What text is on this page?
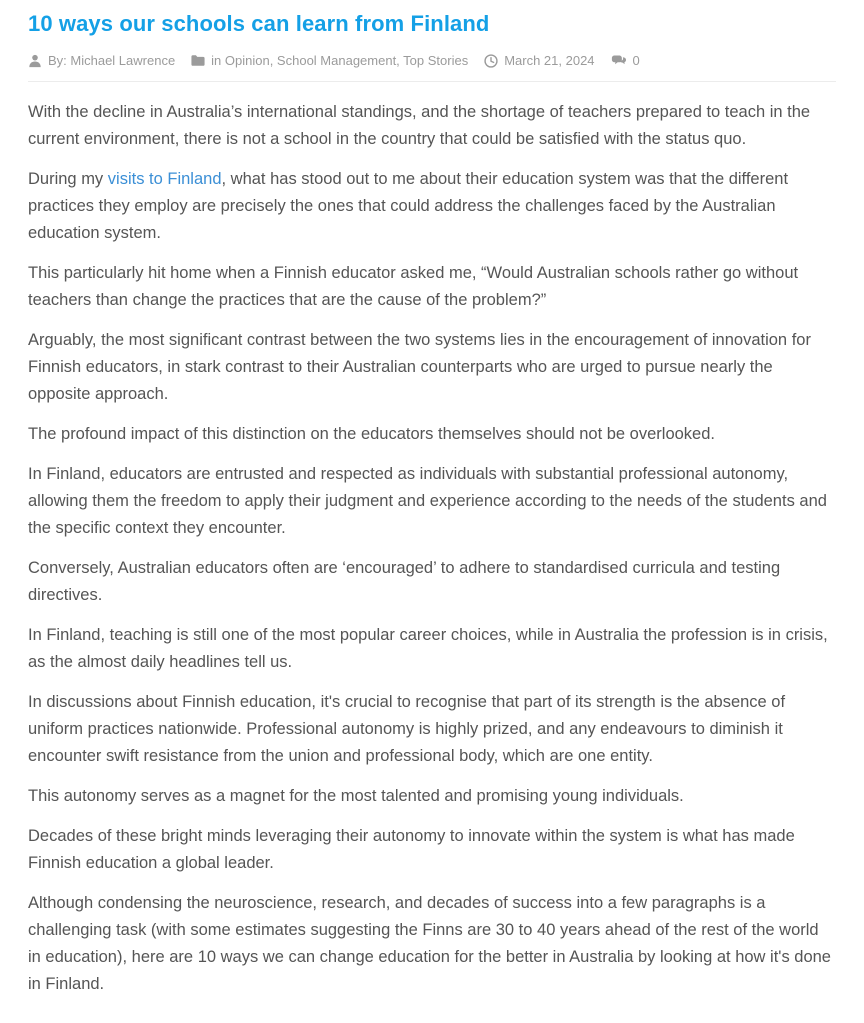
10 ways our schools can learn from Finland
By: Michael Lawrence	in Opinion, School Management, Top Stories	March 21, 2024	0

With the decline in Australia’s international standings, and the shortage of teachers prepared to teach in the current environment, there is not a school in the country that could be satisfied with the status quo.

During my visits to Finland, what has stood out to me about their education system was that the different practices they employ are precisely the ones that could address the challenges faced by the Australian education system.

This particularly hit home when a Finnish educator asked me, “Would Australian schools rather go without teachers than change the practices that are the cause of the problem?”

Arguably, the most significant contrast between the two systems lies in the encouragement of innovation for Finnish educators, in stark contrast to their Australian counterparts who are urged to pursue nearly the opposite approach.

The profound impact of this distinction on the educators themselves should not be overlooked.

In Finland, educators are entrusted and respected as individuals with substantial professional autonomy, allowing them the freedom to apply their judgment and experience according to the needs of the students and the specific context they encounter.

Conversely, Australian educators often are ‘encouraged’ to adhere to standardised curricula and testing directives.

In Finland, teaching is still one of the most popular career choices, while in Australia the profession is in crisis, as the almost daily headlines tell us.

In discussions about Finnish education, it's crucial to recognise that part of its strength is the absence of uniform practices nationwide. Professional autonomy is highly prized, and any endeavours to diminish it encounter swift resistance from the union and professional body, which are one entity.

This autonomy serves as a magnet for the most talented and promising young individuals.

Decades of these bright minds leveraging their autonomy to innovate within the system is what has made Finnish education a global leader.

Although condensing the neuroscience, research, and decades of success into a few paragraphs is a challenging task (with some estimates suggesting the Finns are 30 to 40 years ahead of the rest of the world in education), here are 10 ways we can change education for the better in Australia by looking at how it's done in Finland.
